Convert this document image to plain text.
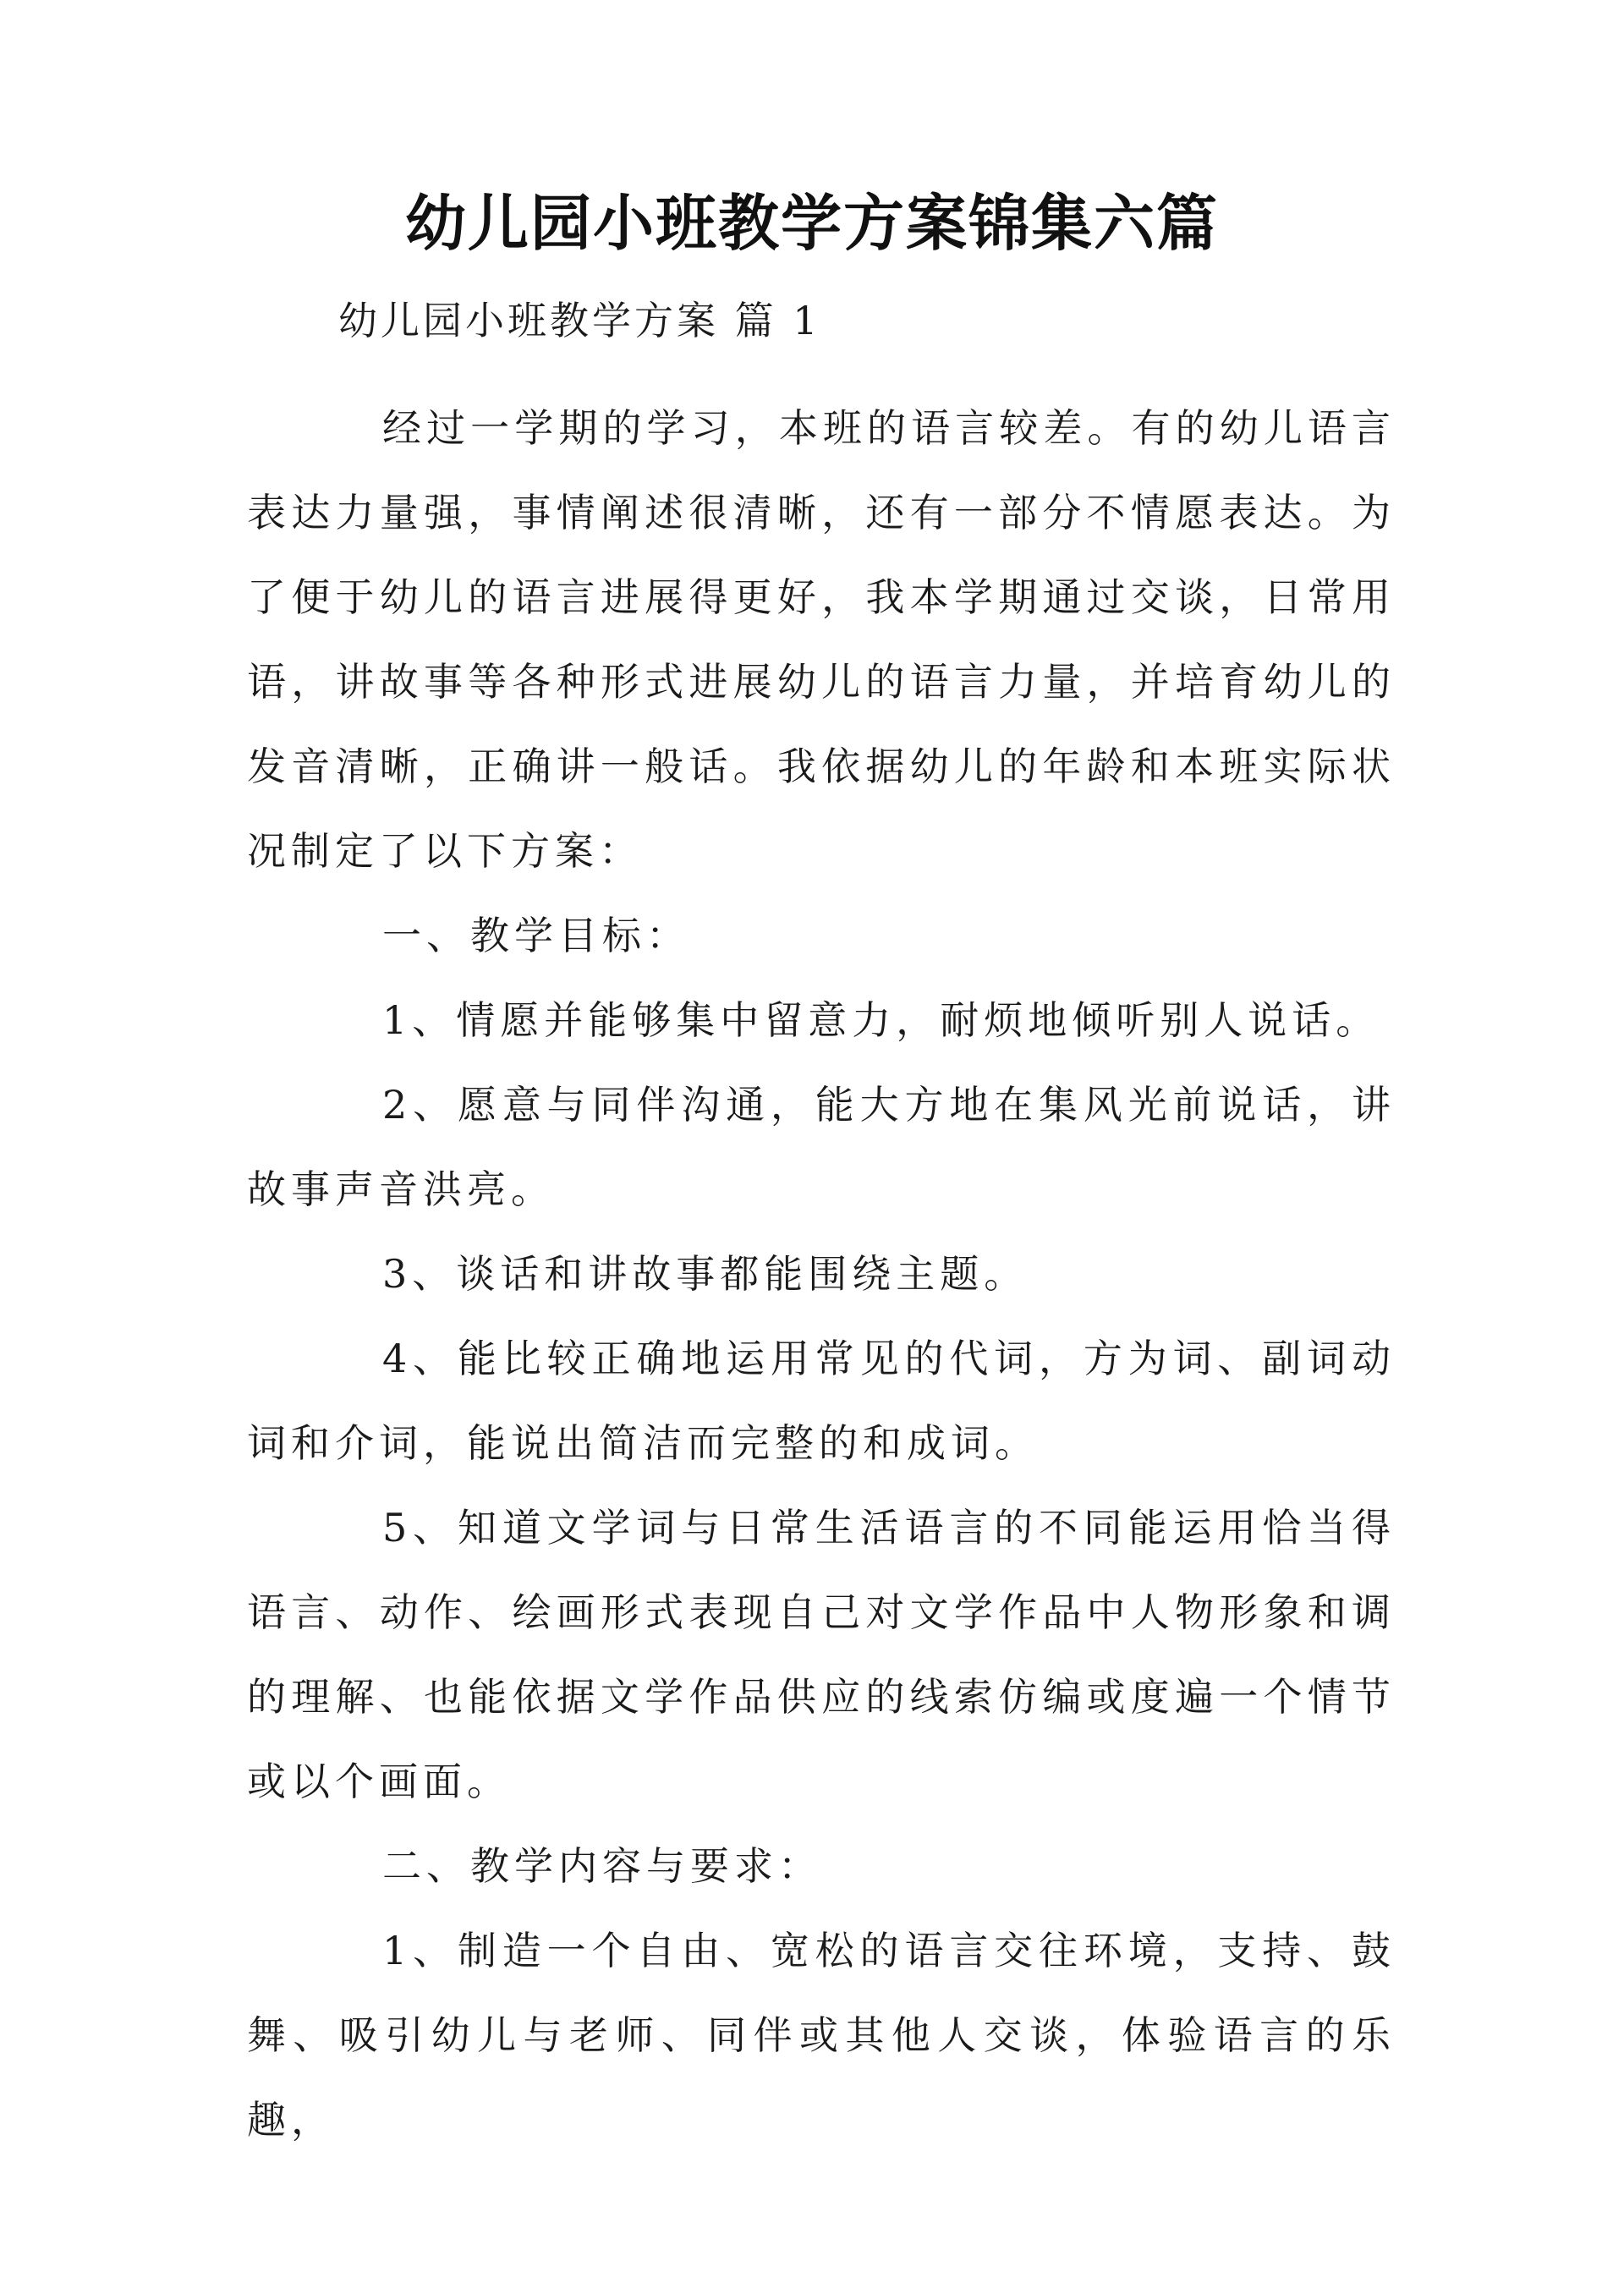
幼儿园小班教学方案锦集六篇
幼儿园小班教学方案 篇 1

经过一学期的学习，本班的语言较差。有的幼儿语言表达力量强，事情阐述很清晰，还有一部分不情愿表达。为了便于幼儿的语言进展得更好，我本学期通过交谈，日常用语，讲故事等各种形式进展幼儿的语言力量，并培育幼儿的发音清晰，正确讲一般话。我依据幼儿的年龄和本班实际状况制定了以下方案：

一、教学目标：

1、情愿并能够集中留意力，耐烦地倾听别人说话。

2、愿意与同伴沟通，能大方地在集风光前说话，讲故事声音洪亮。

3、谈话和讲故事都能围绕主题。

4、能比较正确地运用常见的代词，方为词、副词动词和介词，能说出简洁而完整的和成词。

5、知道文学词与日常生活语言的不同能运用恰当得语言、动作、绘画形式表现自己对文学作品中人物形象和调的理解、也能依据文学作品供应的线索仿编或度遍一个情节或以个画面。

二、教学内容与要求：

1、制造一个自由、宽松的语言交往环境，支持、鼓舞、吸引幼儿与老师、同伴或其他人交谈，体验语言的乐趣，
